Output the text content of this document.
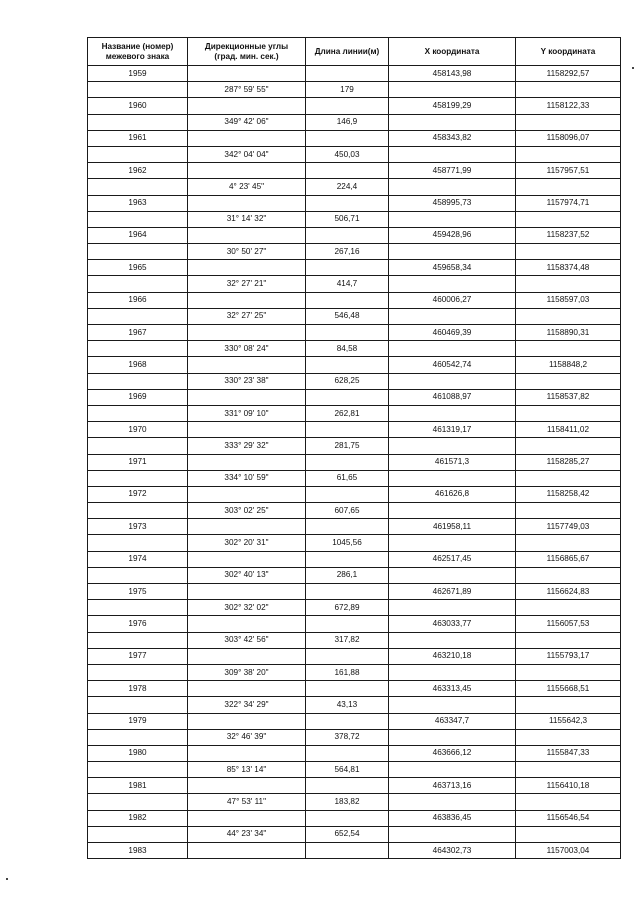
Название (номер)
межевого знака	Дирекционные углы
(град. мин. сек.)	Длина линии(м)	X координата	Y координата
1959			458143,98	1158292,57
	287° 59' 55"	179		
1960			458199,29	1158122,33
	349° 42' 06"	146,9		
1961			458343,82	1158096,07
	342° 04' 04"	450,03		
1962			458771,99	1157957,51
	4° 23' 45"	224,4		
1963			458995,73	1157974,71
	31° 14' 32"	506,71		
1964			459428,96	1158237,52
	30° 50' 27"	267,16		
1965			459658,34	1158374,48
	32° 27' 21"	414,7		
1966			460006,27	1158597,03
	32° 27' 25"	546,48		
1967			460469,39	1158890,31
	330° 08' 24"	84,58		
1968			460542,74	1158848,2
	330° 23' 38"	628,25		
1969			461088,97	1158537,82
	331° 09' 10"	262,81		
1970			461319,17	1158411,02
	333° 29' 32"	281,75		
1971			461571,3	1158285,27
	334° 10' 59"	61,65		
1972			461626,8	1158258,42
	303° 02' 25"	607,65		
1973			461958,11	1157749,03
	302° 20' 31"	1045,56		
1974			462517,45	1156865,67
	302° 40' 13"	286,1		
1975			462671,89	1156624,83
	302° 32' 02"	672,89		
1976			463033,77	1156057,53
	303° 42' 56"	317,82		
1977			463210,18	1155793,17
	309° 38' 20"	161,88		
1978			463313,45	1155668,51
	322° 34' 29"	43,13		
1979			463347,7	1155642,3
	32° 46' 39"	378,72		
1980			463666,12	1155847,33
	85° 13' 14"	564,81		
1981			463713,16	1156410,18
	47° 53' 11"	183,82		
1982			463836,45	1156546,54
	44° 23' 34"	652,54		
1983			464302,73	1157003,04
